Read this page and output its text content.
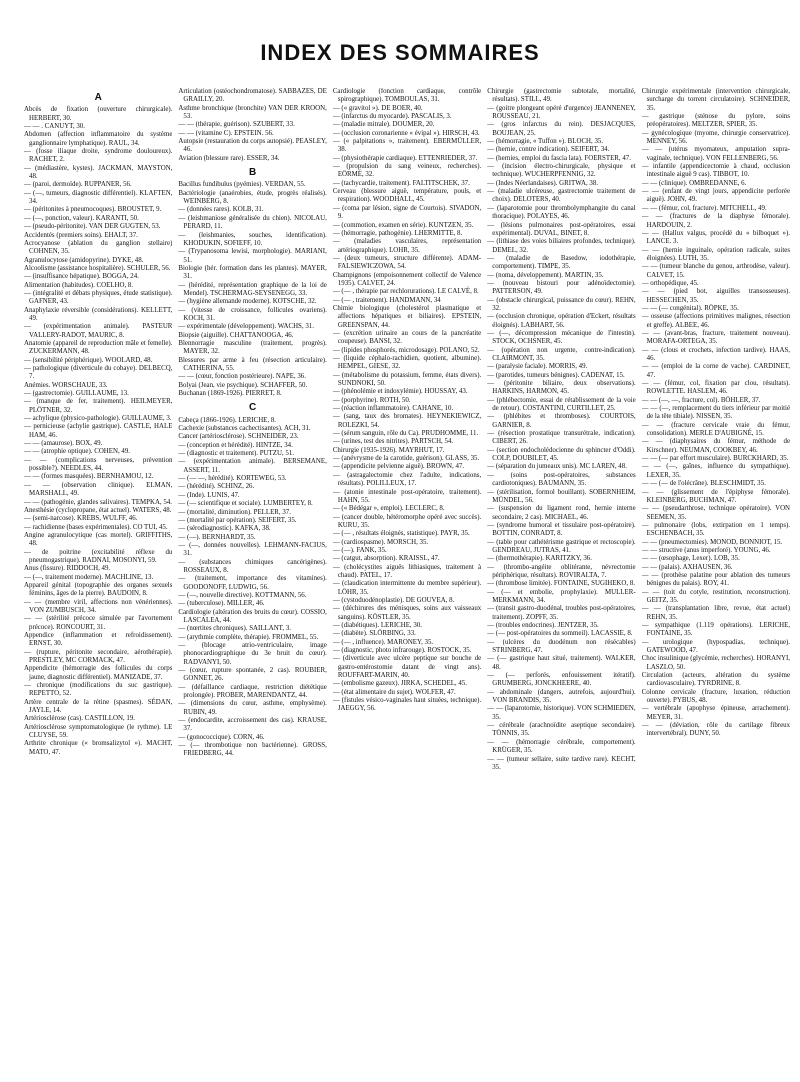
INDEX DES SOMMAIRES
A

Abcès de fixation (ouverture chirurgicale). HERBERT, 30.

— — . CANUYT, 30.

Abdomen (affection inflammatoire du système ganglionnaire lymphatique). RAUL, 34.

— (fosse iliaque droite, syndrome douloureux). RACHET, 2.

— (médiastère, kystes). JACKMAN, MAYSTON, 48.

— (paroi, dermoïde). RUPPANER, 56.

— (—, tumeurs, diagnostic différentiel). KLAFTEN, 34.

— (péritonites à pneumocoques). BROUSTET, 9.

— (—, ponction, valeur). KARANTI, 50.

— (pseudo-péritonite). VAN DER GUGTEN, 53.

Accidentés (premiers soins). EHALT, 37.

Acrocyanose (ablation du ganglion stellaire) COHNEN, 35.

Agranulocytose (amidopyrine). DYKE, 48.

Alcoolisme (assistance hospitalière). SCHULER, 56.

— (insuffisance hépatique). BOGGA, 24.

Alimentation (habitudes). COELHO, 8.

— (intégralité et débats physiques, étude statistique). GAFNER, 43.

Anaphylaxie réversible (considérations). KELLETT, 49.

— (expérimentation animale). PASTEUR VALLERY-RADOT, MAURIC, 8.

Anatomie (appareil de reproduction mâle et femelle). ZUCKERMANN, 48.

— (sensibilité périphérique). WOOLARD, 48.

— pathologique (diverticule du cobaye). DELBECQ, 7.

Anémies. WORSCHAUE, 33.

— (gastrectomie). GUILLAUME, 13.

— (manque de fer, traitement). HEILMEYER, PLÖTNER, 32.

— achylique (physico-pathologie). GUILLAUME, 3.

— pernicieuse (achylie gastrique). CASTLE, HALE HAM, 46.

— — (amaurose). BOX, 49.

— — (atrophie optique). COHEN, 49.

— — (complications nerveuses, prévention possible?). NEEDLES, 44.

— — (formes masquées). BERNHAMOU, 12.

— — (observation clinique). ELMAN, MARSHALL, 49.

— — (pathogénie, glandes salivaires). TEMPKA, 54.

Anesthésie (cyclopropane, état actuel). WATERS, 48.

— (semi-narcose). KREBS, WULFF, 46.

— rachidienne (bases expérimentales). CO TUI, 45.

Angine agranulocytique (cas mortel). GRIFFITHS, 48.

— de poitrine (excitabilité réflexe du pneumogastrique). RADNAI, MOSONYI, 59.

Anus (fissure). RIDDOCH, 49.

— (—, traitement moderne). MACHLINE, 13.

Appareil génital (topographie des organes sexuels féminins, âges de la pierre). BAUDOIN, 8.

— — (membre viril, affections non vénériennes). VON ZUMBUSCH, 34.

— — (stérilité précoce simulée par l'avortement précoce). RONCOURT, 31.

Appendice (inflammation et refroidissement). ERNST, 30.

— (rupture, péritonite secondaire, aérothérapie). PRESTLEY, MC CORMACK, 47.

Appendicite (hémorragie des follicules du corps jaune, diagnostic différentiel). MANIZADE, 37.

— chronique (modifications du suc gastrique). REPETTO, 52.

Artère centrale de la rétine (spasmes). SÉDAN, JAYLE, 14.

Artériosclérose (cas). CASTILLON, 19.

Artériosclérose symptomatologique (le rythme). LE CLUYSE, 59.

Arthrite chronique (« bromsalizytol »). MACHT, MATO, 47.

Articulation (ostéochondromatose). SABBAZÈS, DE GRAILLY, 20.

Asthme bronchique (bronchite) VAN DER KROON, 53.

— — (thérapie, guérison). SZUBERT, 33.

— — (vitamine C). EPSTEIN. 56.

Autopsie (restauration du corps autopsié). PEASLEY, 46.

Aviation (blessure rare). ESSER, 34.

B

Bacillus fundibulus (pyémies). VERDAN, 55.

Bactériologie (anaérobies, étude, progrès réalisés). WEINBERG, 8.

— (données rares). KOLB, 31.

— (leishmaniose généralisée du chien). NICOLAU, PERARD, 11.

— (leishmanies, souches, identification). KHODUKIN, SOFIEFF, 10.

— (Trypanosoma lewisi, morphologie). MARIANI, 51.

Biologie (hér. formation dans les plantes). MAYER, 31.

— (hérédité, représentation graphique de la loi de Mendel). TSCHERMAG-SEYSENEGG, 33.

— (hygiène allemande moderne). KOTSCHE, 32.

— (vitesse de croissance, follicules ovariens). KOCH, 31.

— expérimentale (développement). WACHS, 31.

Biopsie (aiguille). CHATTANOOGA, 46.

Blennorragie masculine (traitement, progrès). MAYER, 32.

Blessures par arme à feu (résection articulaire). CATHERINA, 55.

— — (cœur, fonction postérieure). NAPE, 36.

Bolyai (Jean, vie psychique). SCHAFFER, 50.

Buchanan (1869-1926). PIERRET, 8.

C

Cabeça (1866-1926). LERICHE, 8.

Cachexie (substances cachectisantes). ACH, 31.

Cancer (artériosclérose). SCHNEIDER, 23.

— (conception et hérédité). HINTZE, 34.

— (diagnostic et traitement). PUTZU, 51.

— (expérimentation animale). BERSEMANE, ASSERT, 11.

— (— —, hérédité). KORTEWEG, 53.

— (hérédité). SCHINZ, 26.

— (Inde). LUNIS, 47.

— (— scientifique et sociale). LUMBERTEY, 8.

— (mortalité, diminution). PELLER, 37.

— (mortalité par opération). SEIFERT, 35.

— (sérodiagnostic). KAFKA, 38.

— (—). BERNHARDT, 35.

— (—, données nouvelles). LEHMANN-FACIUS, 31.

— (substances chimiques cancérigènes). ROSSEAUX, 8.

— (traitement, importance des vitamines). GOODONOFF, LUDWIG, 56.

— (—, nouvelle directive). KOTTMANN, 56.

— (tuberculose). MILLER, 46.

Cardiologie (altération des bruits du cœur). COSSIO, LASCALEA, 44.

— (nœrtites chroniques). SAILLANT, 3.

— (arythmie complète, thérapie). FROMMEL, 55.

— (blocage atrio-ventriculaire, image phonocardiographique du 3e bruit du cœur). RADVANYI, 50.

— (cœur, rupture spontanée, 2 cas). ROUBIER, GONNET, 26.

— (défaillance cardiaque, restriction diététique prolongée). PROBER, MARENDANTZ, 44.

— (dimensions du cœur, asthme, emphysème). RUBIN, 49.

— (endocardite, accroissement des cas). KRAUSE, 37.

— (gonococcique). CORN, 46.

— (— thrombotique non bactérienne). GROSS, FRIEDBERG, 44.

Cardiologie (fonction cardiaque, contrôle spirographique). TOMBOULAS, 31.

— (« gravitol »). DE BOER, 40.

— (infarctus du myocarde). PASCALIS, 3.

— (maladie mitrale). DOUMER, 20.

— (occlusion coronarienne « évipal »). HIRSCH, 43.

— (« palpitations », traitement). EBERMÜLLER, 38.

— (physiothérapie cardiaque). ETTENRIEDER, 37.

— (propulsion du sang veineux, recherches). EÖRMÉ, 32.

— (tachycardie, traitement). FALTITSCHEK, 37.

Cerveau (blessure aiguë, température, pouls, et respiration). WOODHALL, 45.

— (coma par lésion, signe de Courtois). SIVADON, 9.

— (commotion, examen en série). KUNTZEN, 35.

— (hémorragie, pathogénie). LHERMITTE, 8.

— (maladies vasculaires, représentation artériographique). LOHR, 35.

— (deux tumeurs, structure différente). ADAM-FALSIEWICZOWA, 54.

Champignons (empoisonnement collectif de Valence 1935). CALVET, 24.

— (— , thérapie par rechlorurations). LE CALVÉ, 8.

— (— , traitement). HANDMANN, 34

Chimie biologique (cholestérol plasmatique et affections hépatiques et biliaires). EPSTEIN, GREENSPAN, 44.

— (excrétion urinaire au cours de la pancréatite coupeuse). BANSI, 32.

— (lipides phosphorés, microdosage). POLANO, 52.

— (liquide céphalo-rachidien, quotient, albumine). HEMPEL, GIESE, 32.

— (métabolisme du potassium, femme, états divers). SUNDNOKI, 50.

— (phénolémie et indoxylémie). HOUSSAY, 43.

— (porphyrine). ROTH, 50.

— (réaction inflammatoire). CAHANE, 10.

— (sang, taux des bromates). HEYNEKIEWICZ, ROLEZKI, 54.

— (sérum sanguin, rôle du Ca). PRUDHOMME, 11.

— (urines, test des nitrites). PARTSCH, 54.

Chirurgie (1935-1926). MAYRHUT, 17.

— (anévrysme de la carotide, guérison). GLASS, 35.

— (appendicite pelvienne aiguë). BROWN, 47.

— (astragalectomie chez l'adulte, indications, résultats). POLILLEUX, 17.

— (atonie intestinale post-opératoire, traitement). HAHN, 55.

— (« Bédégar », emploi). LECLERC, 8.

— (cancer double, hétéromorphe opéré avec succès). KURU, 35.

— (— , résultats éloignés, statistique). PAYR, 35.

— (cardiospasme). MORSCH, 35.

— (—). FANK, 35.

— (catgut, absorption). KRAISSL, 47.

— (cholécystites aiguës lithiasiques, traitement à chaud). PATEL, 17.

— (claudication intermittente du membre supérieur). LÖHR, 35.

— (cystoduodénoplastie). DE GOUVEA, 8.

— (déchirures des ménisques, soins aux vaisseaux sanguins). KÖSTLER, 35.

— (diabétiques). LERICHE, 30.

— (diabète). SLÖRBING, 33.

— (— , influence). MARONEY, 35.

— (diagnostic, photo infrarouge). ROSTOCK, 35.

— (diverticule avec ulcère peptique sur bouche de gastro-entérostomie datant de vingt ans). ROUFFART-MARIN, 40.

— (embolisme gazeux). JIRKA, SCHEDEL, 45.

— (état alimentaire du sujet). WOLFER, 47.

— (fistules vésico-vaginales haut situées, technique). JAEGGY, 56.

Chirurgie (gastrectomie subtotale, mortalité, résultats). STILL, 49.

— (goitre plongeant opéré d'urgence) JEANNENEY, ROUSSEAU, 21.

— (gros infarctus du rein). DESJACQUES, BOUJEAN, 25.

— (hémorragie, « Tuffon »). BLOCH, 35.

— (hernie, contre indication). SEIFERT, 34.

— (hernies, emploi du fascia lata). FOERSTER, 47.

— (incision électro-chirurgicale, physique et technique). WUCHERPFENNIG, 32.

— (Indes Néerlandaises). GRITWA, 38.

— (maladie ulcéreuse, gastrectomie traitement de choix). DELOTERS, 40.

— (laparotomie pour thrombolymphangite du canal thoracique). POLAYES, 46.

— (lésions pulmonaires post-opératoires, essai expérimental). DUVAL, BINET, 8.

— (lithiase des voies biliaires profondes, technique). DEMEL, 32.

— (maladie de Basedow, iodothérapie, comportement). TIMPE, 35.

— (noma, développement). MARTIN, 35.

— (nouveau bistouri pour adénoïdectomie). PATTERSON, 49.

— (obstacle chirurgical, puissance du cœur). REHN, 32.

— (occlusion chronique, opération d'Eckert, résultats éloignés). LABHART, 56.

— (—, décompression mécanique de l'intestin). STOCK, OCHSNER, 45.

— (opération non urgente, contre-indication). CLAIRMONT, 35.

— (paralysie faciale). MORRIS, 49.

— (parotides, tumeurs bénignes). CADENAT, 15.

— (péritonite biliaire, deux observations). HARKINS, HARMON, 45.

— (phlébectomie, essai de rétablissement de la voie de retour). COSTANTINI, CURTILLET, 25.

— (phlébites et thromboses). COURTOIS, GARNIER, 8.

— (résection prostatique transurétrale, indication). CIBERT, 26.

— (section endocholédocienne du sphincter d'Oddi). COLP, DOUBILET, 45.

— (séparation du jumeaux unis). MC LAREN, 48.

— (soins post-opératoires, substances cardiotoniques). BAUMANN, 35.

— (stérilisation, formol bouillant). SOBERNHEIM, MÜNDEL, 56.

— (suspension du ligament rond, hernie interne secondaire, 2 cas). MICHAEL, 46.

— (syndrome humoral et tissulaire post-opératoire). BOTTIN, CONRADT, 8.

— (table pour cathétérisme gastrique et rectoscopie). GENDREAU, JUTRAS, 41.

— (thermothérapie). KARITZKY, 36.

— (thrombo-angéite oblitérante, névrectomie périphérique, résultats). ROVIRALTA, 7.

— (thrombose limitée). FONTAINE, SUGIHEKO, 8.

— (— et embolie, prophylaxie). MULLER-MERKMANN, 34.

— (transit gastro-duodénal, troubles post-opératoires, traitement). ZOPFF, 35.

— (troubles endocrines). JENTZER, 35.

— (— post-opératoires du sommeil). LACASSIE, 8.

— (ulcères du duodénum non résécables) STRINBERG, 47.

— (— gastrique haut situé, traitement). WALKER, 48.

— (— perforés, enfouissement itératif). GRUMBERG, JONCKHEERE, 40.

— abdominale (dangers, autrefois, aujourd'hui). VON BRANDIS, 35.

— — (laparotomie, historique). VON SCHMIEDEN, 35.

— cérébrale (arachnoïdite aseptique secondaire). TÖNNIS, 35.

— — (hémorragie cérébrale, comportement). KRÜGER, 35.

— — (tumeur sellaire, suite tardive rare). KECHT, 35.

Chirurgie expérimentale (intervention chirurgicale, surcharge du torrent circulatoire). SCHNEIDER, 35.

— gastrique (sténose du pylore, soins préopératoires). MELTZER, SPIER, 35.

— gynécologique (myome, chirurgie conservatrice). MENNEY, 56.

— — (utérus myomateux, amputation supra-vaginale, technique). VON FELLENBERG, 56.

— infantile (appendicectomie à chaud, occlusion intestinale aiguë 9 cas). TIBBOT, 10.

— — (clinique). OMBREDANNE, 6.

— — (enfant de vingt jours, appendicite perforée aiguë). JOHN, 49.

— — (fémur, col, fracture). MITCHELL, 49.

— — (fractures de la diaphyse fémorale). HARDOUIN, 2.

— — (Hallux valgus, procédé du « bilboquet »). LANCE. 3.

— — (hernie inguinale, opération radicale, suites éloignées). LUTH, 35.

— — (tumeur blanche du genou, arthrodèse, valeur). CALVET, 15.

— orthopédique, 45.

— — (pied bot, aiguilles transosseuses). HESSECHEN, 35.

— — (— congénital). RÖPKE, 35.

— osseuse (affections primitives malignes, résection et greffe). ALBEE, 46.

— — (avant-bras, fracture, traitement nouveau). MORAFA-ORTEGA, 35.

— — (clous et crochets, infection tardive). HAAS, 46.

— — (emploi de la corne de vache). CARDINET, 47.

— — (fémur, col, fixation par clou, résultats). ROWLETTE. HASLEM, 46.

— — (—, —, fracture, col). BÖHLER, 37.

— — (—, remplacement du tiers inférieur par moitié de la tête tibiale). NISSEN, 35.

— — (fracture cervicale vraie du fémur, consolidation). MERLE D'AUBIGNÉ, 15.

— — (diaphysaires du fémur, méthode de Kirschner). NEUMAN, COOKBEY, 46.

— — (— par effort musculaire). BURCKHARD, 35.

— — (—, gaînes, influence du sympathique). LEXER, 35.

— — (— de l'olécrâne). BLESCHMIDT, 35.

— — (glissement de l'épiphyse fémorale). KLEINBERG, BUCHMAN, 47.

— — (pseudarthrose, technique opératoire). VON SEEMEN, 35.

— pulmonaire (lobs, extirpation en 1 temps). ESCHENBACH, 35.

— — (pneumectomies). MONOD, BONNIOT, 15.

— — structive (anus imperforé). YOUNG, 46.

— — (œsophage, Lexer). LOB, 35.

— — (palais). AXHAUSEN, 36.

— — (prothèse palatine pour ablation des tumeurs bénignes du palais). ROY, 41.

— — (toit du cotyle, restitution, reconstruction). GEITZ, 35.

— — (transplantation libre, revue, état actuel) REHN, 35.

— sympathique (1.119 opérations). LERICHE, FONTAINE, 35.

— urologique (hypospadias, technique). GATEWOOD, 47.

Choc insulinique (glycémie, recherches). HORANYI, LASZLO, 50.

Circulation (acteurs, altération du système cardiovasculaire). TYRDRINE, 8.

Colonne cervicale (fracture, luxation, réduction ouverte). PYBUS, 48.

— vertébrale (apophyse épineuse, arrachement). MEYER, 31.

— — (déviation, rôle du cartilage fibreux intervertébral). DUNY, 50.
